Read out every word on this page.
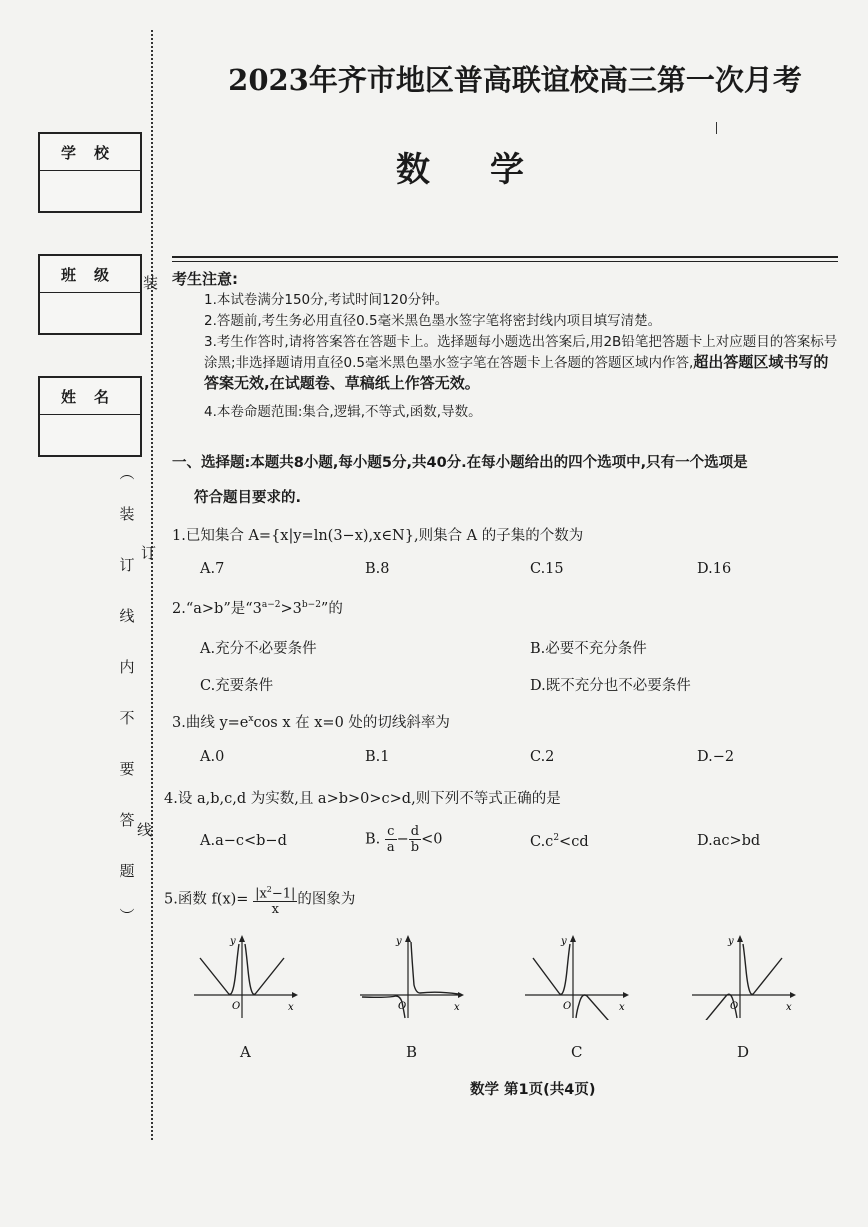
装
订
线
学校
班级
姓名
︵
装
订
线
内
不
要
答
题
︶
2023年齐市地区普高联谊校高三第一次月考
数学
考生注意:
1.本试卷满分150分,考试时间120分钟。
2.答题前,考生务必用直径0.5毫米黑色墨水签字笔将密封线内项目填写清楚。
3.考生作答时,请将答案答在答题卡上。选择题每小题选出答案后,用2B铅笔把答题卡上对应题目的答案标号涂黑;非选择题请用直径0.5毫米黑色墨水签字笔在答题卡上各题的答题区域内作答,超出答题区域书写的答案无效,在试题卷、草稿纸上作答无效。
4.本卷命题范围:集合,逻辑,不等式,函数,导数。
一、选择题:本题共8小题,每小题5分,共40分.在每小题给出的四个选项中,只有一个选项是
符合题目要求的.
1.已知集合 A={x|y=ln(3−x),x∈N},则集合 A 的子集的个数为
A.7	B.8	C.15	D.16
2.“a>b”是“$3^{a-2}>3^{b-2}$”的
A.充分不必要条件	B.必要不充分条件
C.充要条件	D.既不充分也不必要条件
3.曲线 $y=e^x\cos$ x 在 x=0 处的切线斜率为
A.0	B.1	C.2	D.−2
4.设 a,b,c,d 为实数,且 a>b>0>c>d,则下列不等式正确的是
A.a−c<b−d	B. $\frac{c}{a} - \frac{d}{b} <0$	$C.c^2<cd$	D.ac>bd
5.函数 $f(x)= \frac{|x^2-1|}{x}$ 的图象为
y
x
O
y
x
O
y
x
O
y
x
O
A	B	C	D
数学 第1页(共4页)
